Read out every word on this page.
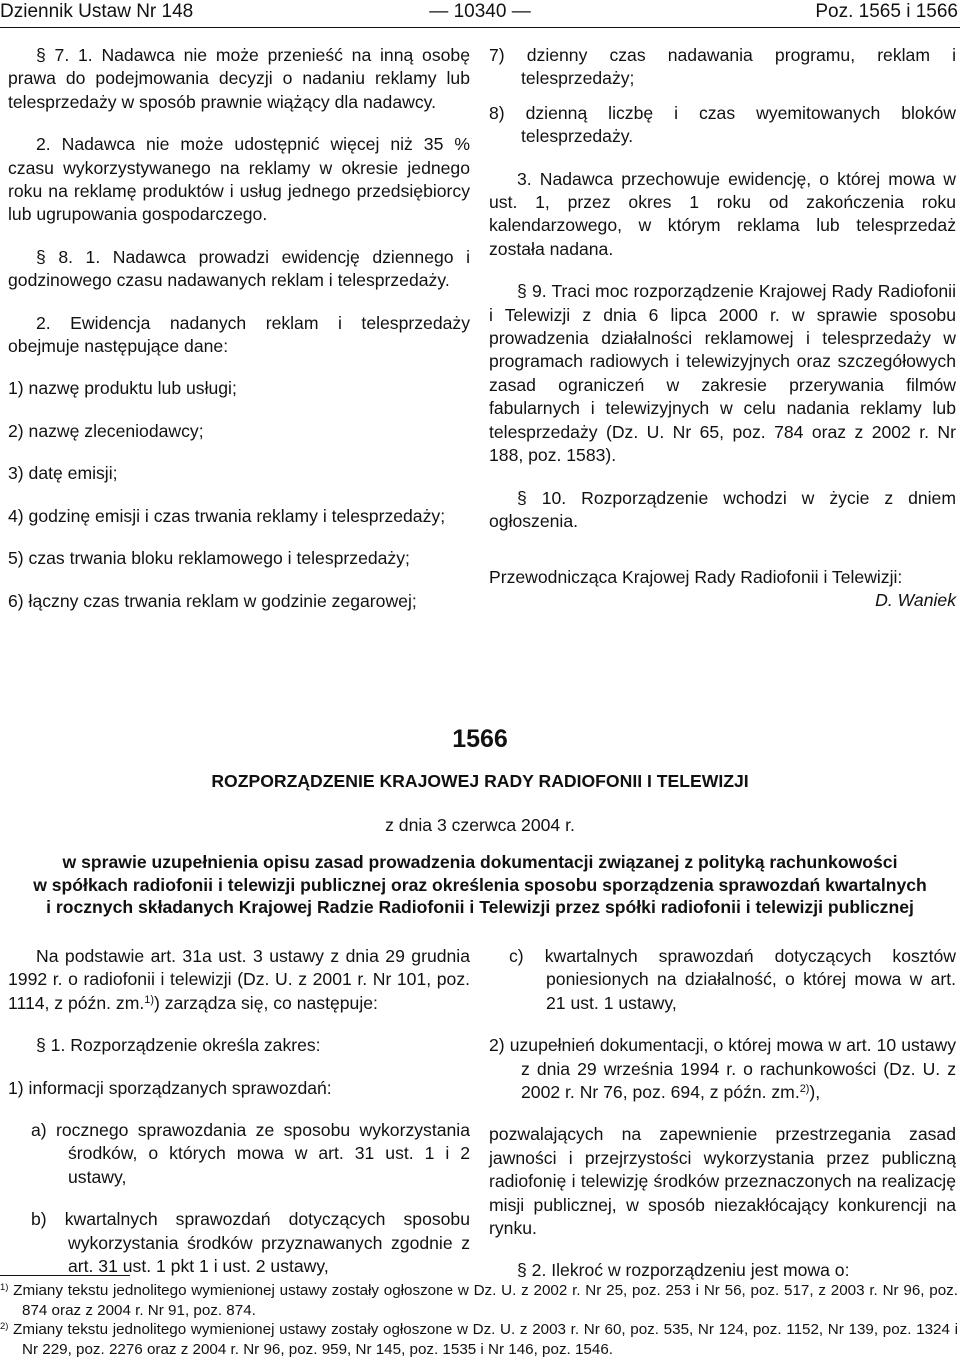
Dziennik Ustaw Nr 148	— 10340 —	Poz. 1565 i 1566

§ 7. 1. Nadawca nie może przenieść na inną osobę prawa do podejmowania decyzji o nadaniu reklamy lub telesprzedaży w sposób prawnie wiążący dla nadawcy.

2. Nadawca nie może udostępnić więcej niż 35 % czasu wykorzystywanego na reklamy w okresie jednego roku na reklamę produktów i usług jednego przedsiębiorcy lub ugrupowania gospodarczego.

§ 8. 1. Nadawca prowadzi ewidencję dziennego i godzinowego czasu nadawanych reklam i telesprzedaży.

2. Ewidencja nadanych reklam i telesprzedaży obejmuje następujące dane:

1) nazwę produktu lub usługi;

2) nazwę zleceniodawcy;

3) datę emisji;

4) godzinę emisji i czas trwania reklamy i telesprzedaży;

5) czas trwania bloku reklamowego i telesprzedaży;

6) łączny czas trwania reklam w godzinie zegarowej;

7) dzienny czas nadawania programu, reklam i telesprzedaży;

8) dzienną liczbę i czas wyemitowanych bloków telesprzedaży.

3. Nadawca przechowuje ewidencję, o której mowa w ust. 1, przez okres 1 roku od zakończenia roku kalendarzowego, w którym reklama lub telesprzedaż została nadana.

§ 9. Traci moc rozporządzenie Krajowej Rady Radiofonii i Telewizji z dnia 6 lipca 2000 r. w sprawie sposobu prowadzenia działalności reklamowej i telesprzedaży w programach radiowych i telewizyjnych oraz szczegółowych zasad ograniczeń w zakresie przerywania filmów fabularnych i telewizyjnych w celu nadania reklamy lub telesprzedaży (Dz. U. Nr 65, poz. 784 oraz z 2002 r. Nr 188, poz. 1583).

§ 10. Rozporządzenie wchodzi w życie z dniem ogłoszenia.

Przewodnicząca Krajowej Rady Radiofonii i Telewizji:

D. Waniek

1566
ROZPORZĄDZENIE KRAJOWEJ RADY RADIOFONII I TELEWIZJI
z dnia 3 czerwca 2004 r.
w sprawie uzupełnienia opisu zasad prowadzenia dokumentacji związanej z polityką rachunkowości
w spółkach radiofonii i telewizji publicznej oraz określenia sposobu sporządzenia sprawozdań kwartalnych
i rocznych składanych Krajowej Radzie Radiofonii i Telewizji przez spółki radiofonii i telewizji publicznej

Na podstawie art. 31a ust. 3 ustawy z dnia 29 grudnia 1992 r. o radiofonii i telewizji (Dz. U. z 2001 r. Nr 101, poz. 1114, z późn. zm.$^{1)}$) zarządza się, co następuje:

§ 1. Rozporządzenie określa zakres:

1) informacji sporządzanych sprawozdań:

a) rocznego sprawozdania ze sposobu wykorzystania środków, o których mowa w art. 31 ust. 1 i 2 ustawy,

b) kwartalnych sprawozdań dotyczących sposobu wykorzystania środków przyznawanych zgodnie z art. 31 ust. 1 pkt 1 i ust. 2 ustawy,

c) kwartalnych sprawozdań dotyczących kosztów poniesionych na działalność, o której mowa w art. 21 ust. 1 ustawy,

2) uzupełnień dokumentacji, o której mowa w art. 10 ustawy z dnia 29 września 1994 r. o rachunkowości (Dz. U. z 2002 r. Nr 76, poz. 694, z późn. zm.$^{2)}$),

pozwalających na zapewnienie przestrzegania zasad jawności i przejrzystości wykorzystania przez publiczną radiofonię i telewizję środków przeznaczonych na realizację misji publicznej, w sposób niezakłócający konkurencji na rynku.

§ 2. Ilekroć w rozporządzeniu jest mowa o:

$^{1)}$ Zmiany tekstu jednolitego wymienionej ustawy zostały ogłoszone w Dz. U. z 2002 r. Nr 25, poz. 253 i Nr 56, poz. 517, z 2003 r. Nr 96, poz. 874 oraz z 2004 r. Nr 91, poz. 874.

$^{2)}$ Zmiany tekstu jednolitego wymienionej ustawy zostały ogłoszone w Dz. U. z 2003 r. Nr 60, poz. 535, Nr 124, poz. 1152, Nr 139, poz. 1324 i Nr 229, poz. 2276 oraz z 2004 r. Nr 96, poz. 959, Nr 145, poz. 1535 i Nr 146, poz. 1546.
